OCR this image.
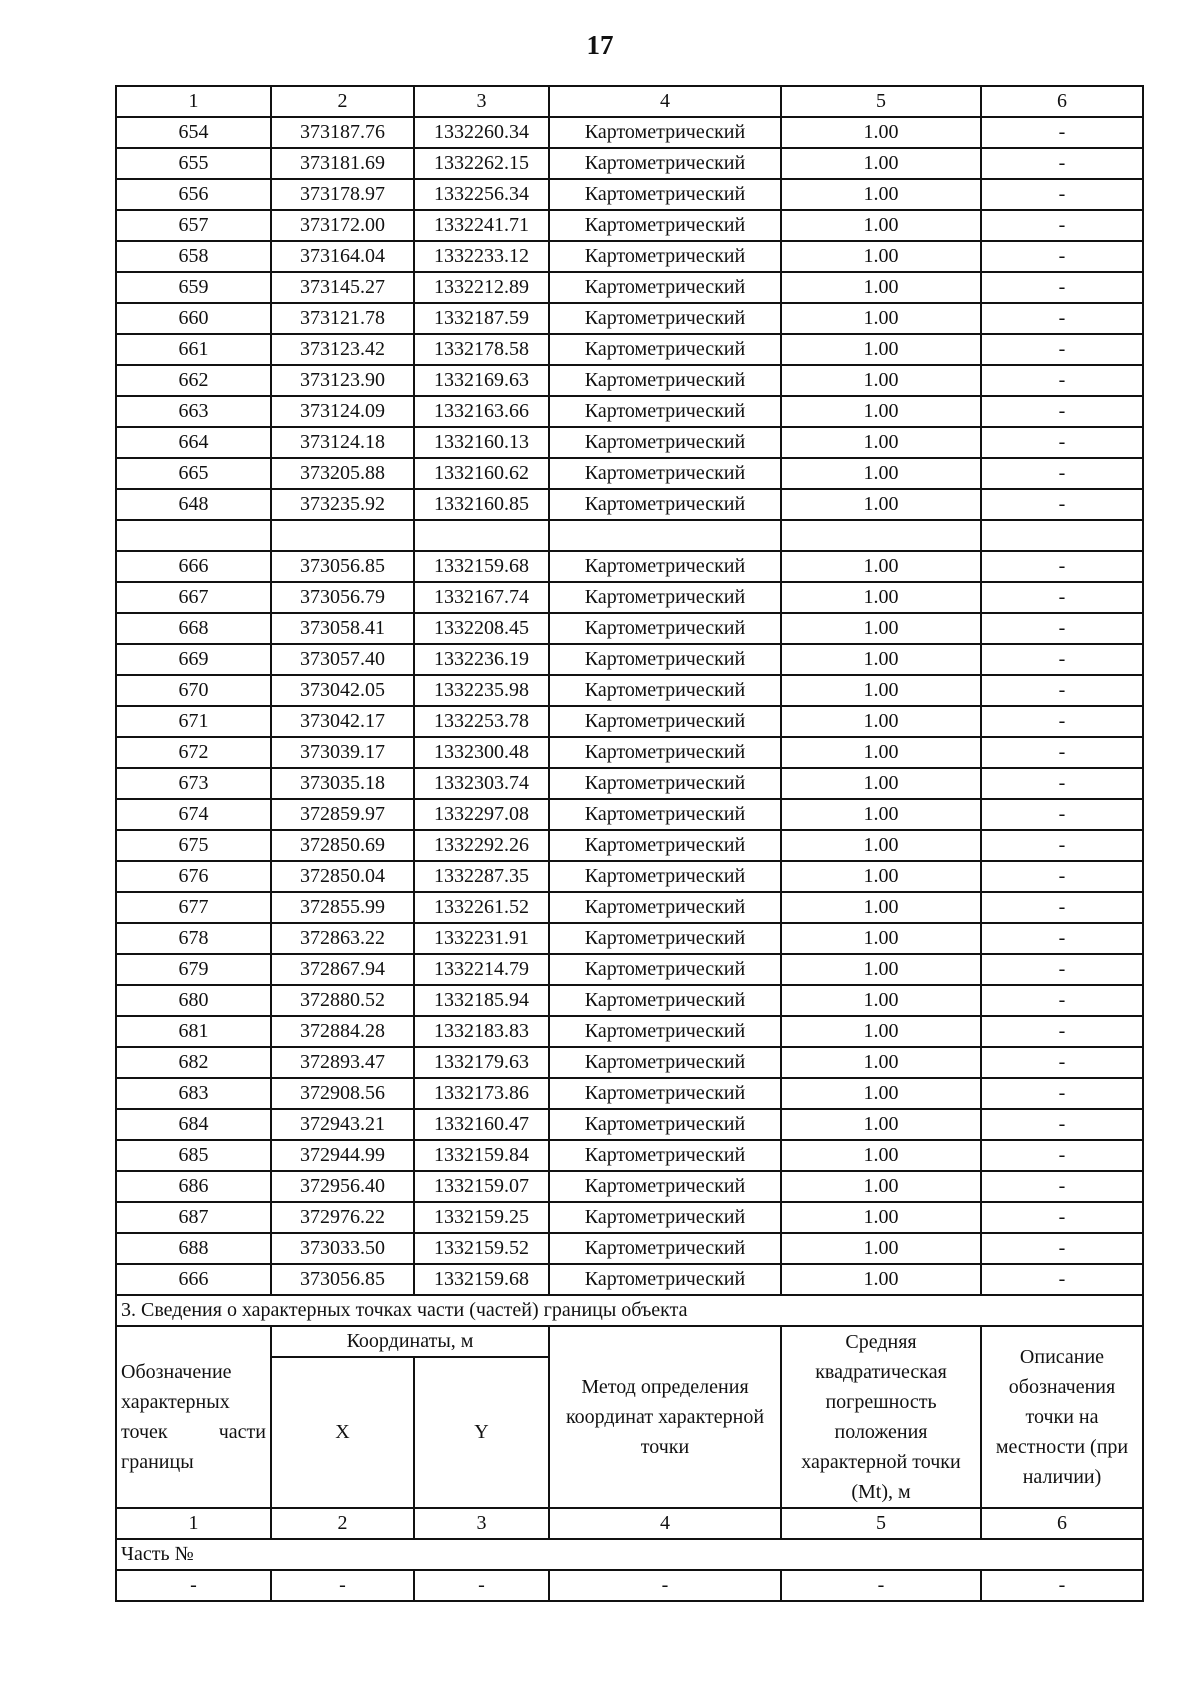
17
1	2	3	4	5	6
654	373187.76	1332260.34	Картометрический	1.00	-
655	373181.69	1332262.15	Картометрический	1.00	-
656	373178.97	1332256.34	Картометрический	1.00	-
657	373172.00	1332241.71	Картометрический	1.00	-
658	373164.04	1332233.12	Картометрический	1.00	-
659	373145.27	1332212.89	Картометрический	1.00	-
660	373121.78	1332187.59	Картометрический	1.00	-
661	373123.42	1332178.58	Картометрический	1.00	-
662	373123.90	1332169.63	Картометрический	1.00	-
663	373124.09	1332163.66	Картометрический	1.00	-
664	373124.18	1332160.13	Картометрический	1.00	-
665	373205.88	1332160.62	Картометрический	1.00	-
648	373235.92	1332160.85	Картометрический	1.00	-

666	373056.85	1332159.68	Картометрический	1.00	-
667	373056.79	1332167.74	Картометрический	1.00	-
668	373058.41	1332208.45	Картометрический	1.00	-
669	373057.40	1332236.19	Картометрический	1.00	-
670	373042.05	1332235.98	Картометрический	1.00	-
671	373042.17	1332253.78	Картометрический	1.00	-
672	373039.17	1332300.48	Картометрический	1.00	-
673	373035.18	1332303.74	Картометрический	1.00	-
674	372859.97	1332297.08	Картометрический	1.00	-
675	372850.69	1332292.26	Картометрический	1.00	-
676	372850.04	1332287.35	Картометрический	1.00	-
677	372855.99	1332261.52	Картометрический	1.00	-
678	372863.22	1332231.91	Картометрический	1.00	-
679	372867.94	1332214.79	Картометрический	1.00	-
680	372880.52	1332185.94	Картометрический	1.00	-
681	372884.28	1332183.83	Картометрический	1.00	-
682	372893.47	1332179.63	Картометрический	1.00	-
683	372908.56	1332173.86	Картометрический	1.00	-
684	372943.21	1332160.47	Картометрический	1.00	-
685	372944.99	1332159.84	Картометрический	1.00	-
686	372956.40	1332159.07	Картометрический	1.00	-
687	372976.22	1332159.25	Картометрический	1.00	-
688	373033.50	1332159.52	Картометрический	1.00	-
666	373056.85	1332159.68	Картометрический	1.00	-
3. Сведения о характерных точках части (частей) границы объекта					
Обозначение характерных точек части границы	Координаты, м		Метод определения координат характерной точки	Средняя квадратическая погрешность положения характерной точки (Mt), м	Описание обозначения точки на местности (при наличии)
	X	Y			
1	2	3	4	5	6
Часть №					
-	-	-	-	-	-
